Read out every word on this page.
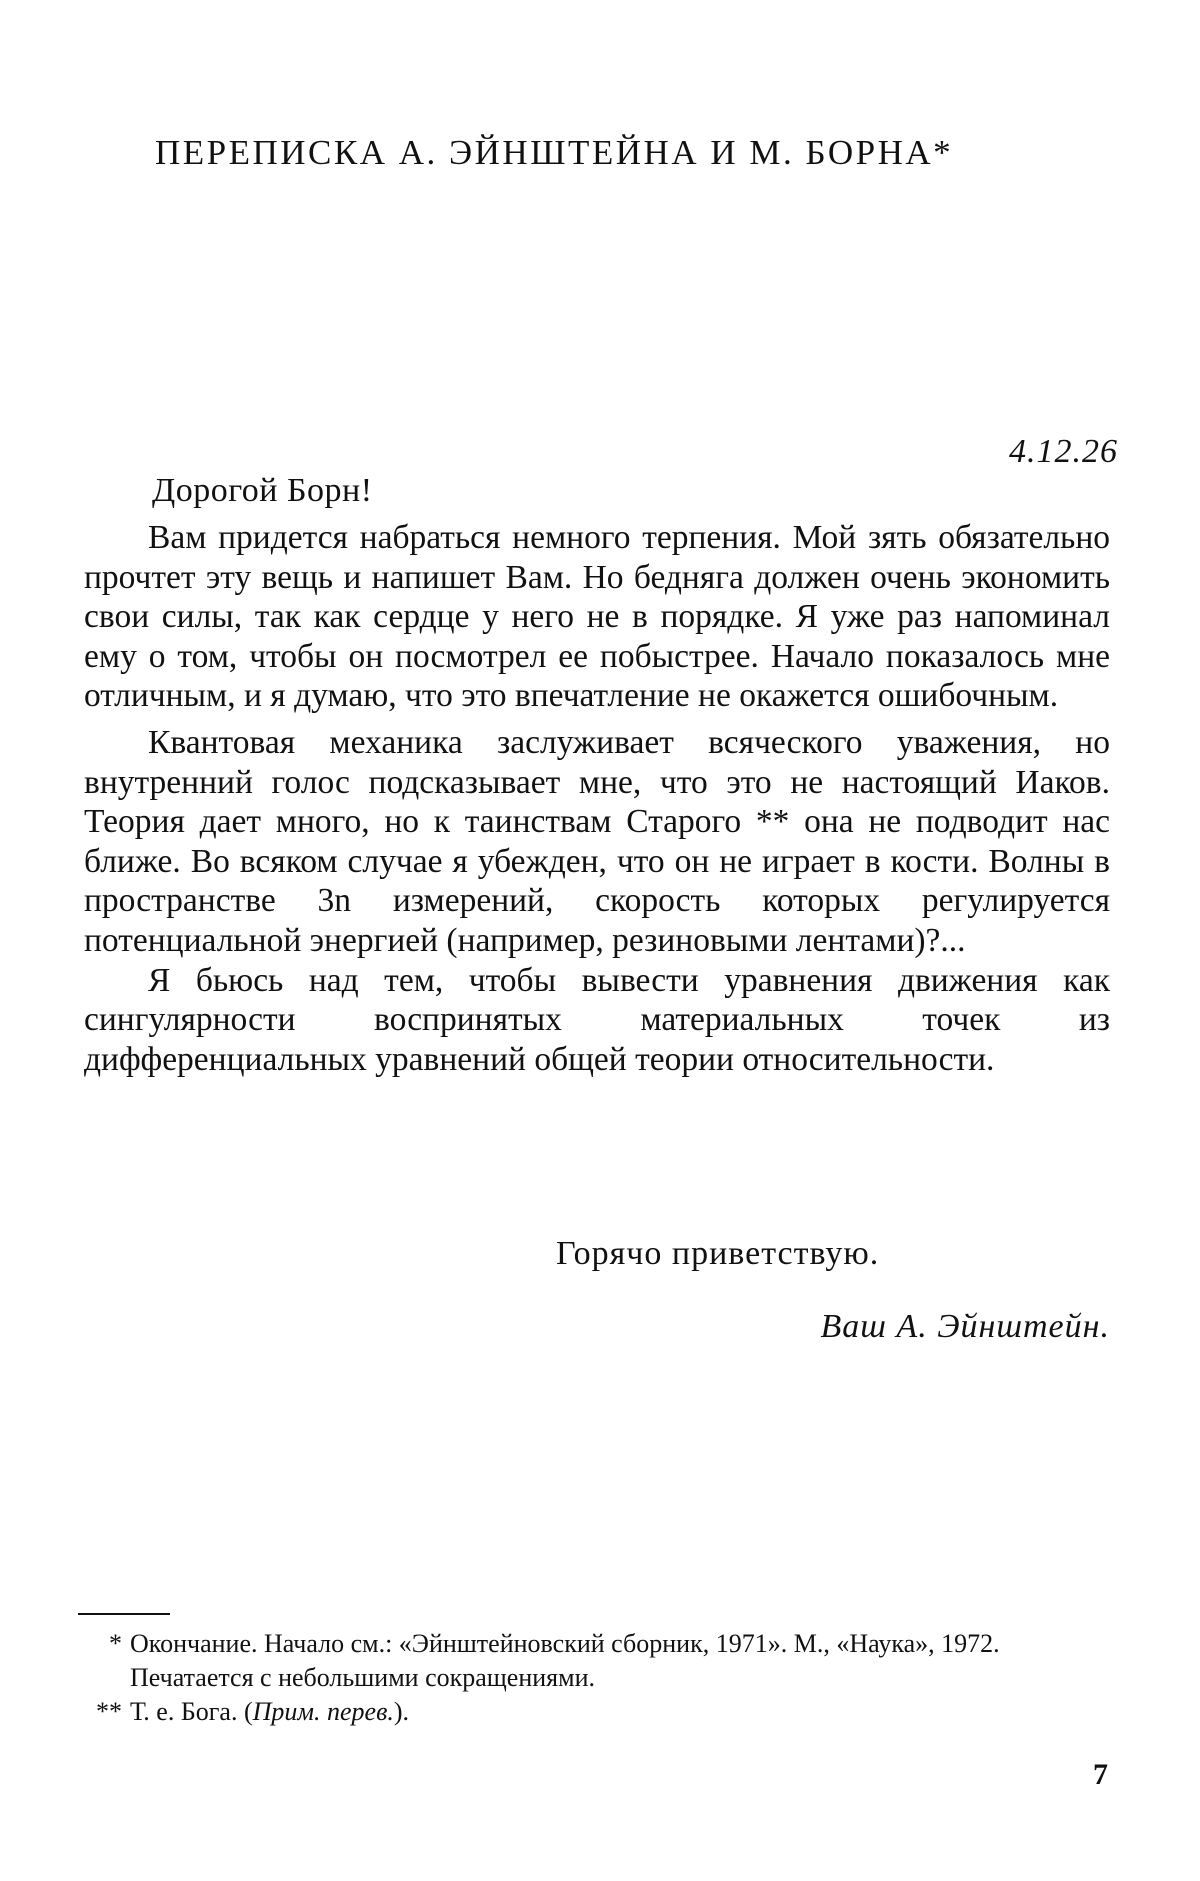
ПЕРЕПИСКА А. ЭЙНШТЕЙНА И М. БОРНА*
4.12.26
Дорогой Борн!

Вам придется набраться немного терпения. Мой зять обязательно прочтет эту вещь и напишет Вам. Но бедняга должен очень экономить свои силы, так как сердце у него не в порядке. Я уже раз напоминал ему о том, чтобы он посмотрел ее побыстрее. Начало показалось мне отличным, и я думаю, что это впечатление не окажется ошибочным.

Квантовая механика заслуживает всяческого уважения, но внутренний голос подсказывает мне, что это не настоящий Иаков. Теория дает много, но к таинствам Старого ** она не подводит нас ближе. Во всяком случае я убежден, что он не играет в кости. Волны в пространстве 3n измерений, скорость которых регулируется потенциальной энергией (например, резиновыми лентами)?...

Я бьюсь над тем, чтобы вывести уравнения движения как сингулярности воспринятых материальных точек из дифференциальных уравнений общей теории относительности.

Горячо приветствую.
Ваш А. Эйнштейн.
* Окончание. Начало см.: «Эйнштейновский сборник, 1971». М., «Наука», 1972. Печатается с небольшими сокращениями.
** Т. е. Бога. (Прим. перев.).
7
